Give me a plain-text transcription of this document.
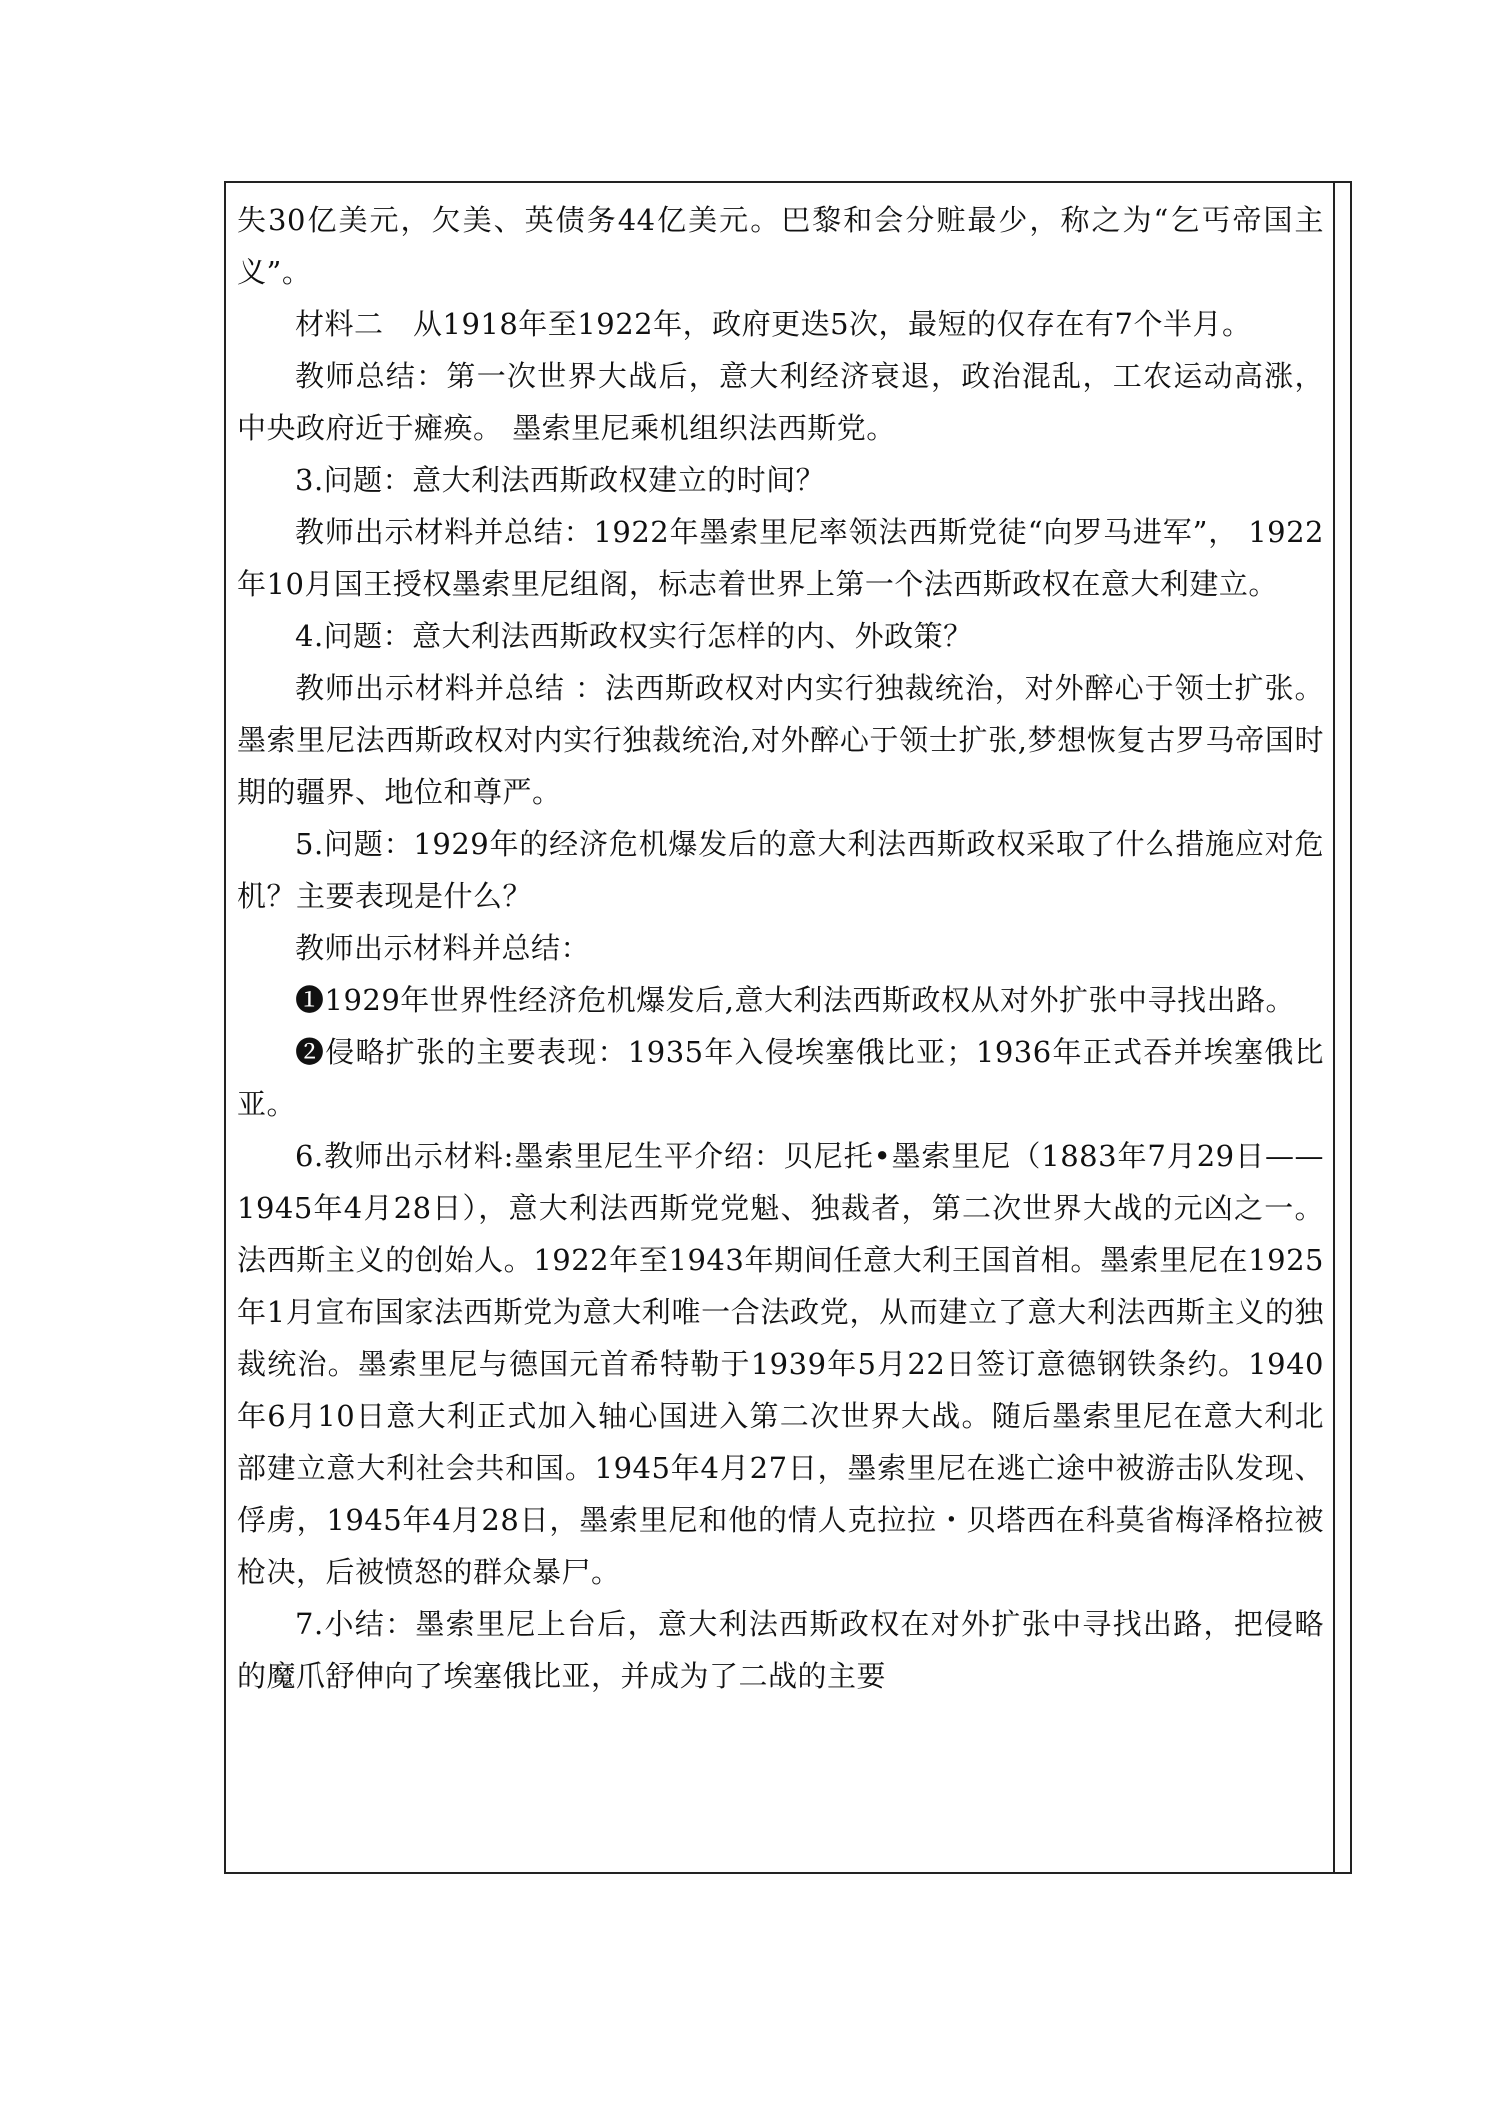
失30亿美元，欠美、英债务44亿美元。巴黎和会分赃最少，称之为“乞丐帝国主义”。

材料二　从1918年至1922年，政府更迭5次，最短的仅存在有7个半月。

教师总结：第一次世界大战后，意大利经济衰退，政治混乱，工农运动高涨，中央政府近于瘫痪。 墨索里尼乘机组织法西斯党。

3.问题：意大利法西斯政权建立的时间？

教师出示材料并总结：1922年墨索里尼率领法西斯党徒“向罗马进军”， 1922年10月国王授权墨索里尼组阁，标志着世界上第一个法西斯政权在意大利建立。

4.问题：意大利法西斯政权实行怎样的内、外政策？

教师出示材料并总结 ：法西斯政权对内实行独裁统治，对外醉心于领士扩张。墨索里尼法西斯政权对内实行独裁统治,对外醉心于领士扩张,梦想恢复古罗马帝国时期的疆界、地位和尊严。

5.问题：1929年的经济危机爆发后的意大利法西斯政权采取了什么措施应对危机？主要表现是什么？

教师出示材料并总结：

❶1929年世界性经济危机爆发后,意大利法西斯政权从对外扩张中寻找出路。

❷侵略扩张的主要表现：1935年入侵埃塞俄比亚；1936年正式吞并埃塞俄比亚。

6.教师出示材料:墨索里尼生平介绍：贝尼托•墨索里尼（1883年7月29日——1945年4月28日），意大利法西斯党党魁、独裁者，第二次世界大战的元凶之一。法西斯主义的创始人。1922年至1943年期间任意大利王国首相。墨索里尼在1925年1月宣布国家法西斯党为意大利唯一合法政党，从而建立了意大利法西斯主义的独裁统治。墨索里尼与德国元首希特勒于1939年5月22日签订意德钢铁条约。1940年6月10日意大利正式加入轴心国进入第二次世界大战。随后墨索里尼在意大利北部建立意大利社会共和国。1945年4月27日，墨索里尼在逃亡途中被游击队发现、俘虏，1945年4月28日，墨索里尼和他的情人克拉拉・贝塔西在科莫省梅泽格拉被枪决，后被愤怒的群众暴尸。

7.小结：墨索里尼上台后，意大利法西斯政权在对外扩张中寻找出路，把侵略的魔爪舒伸向了埃塞俄比亚，并成为了二战的主要
